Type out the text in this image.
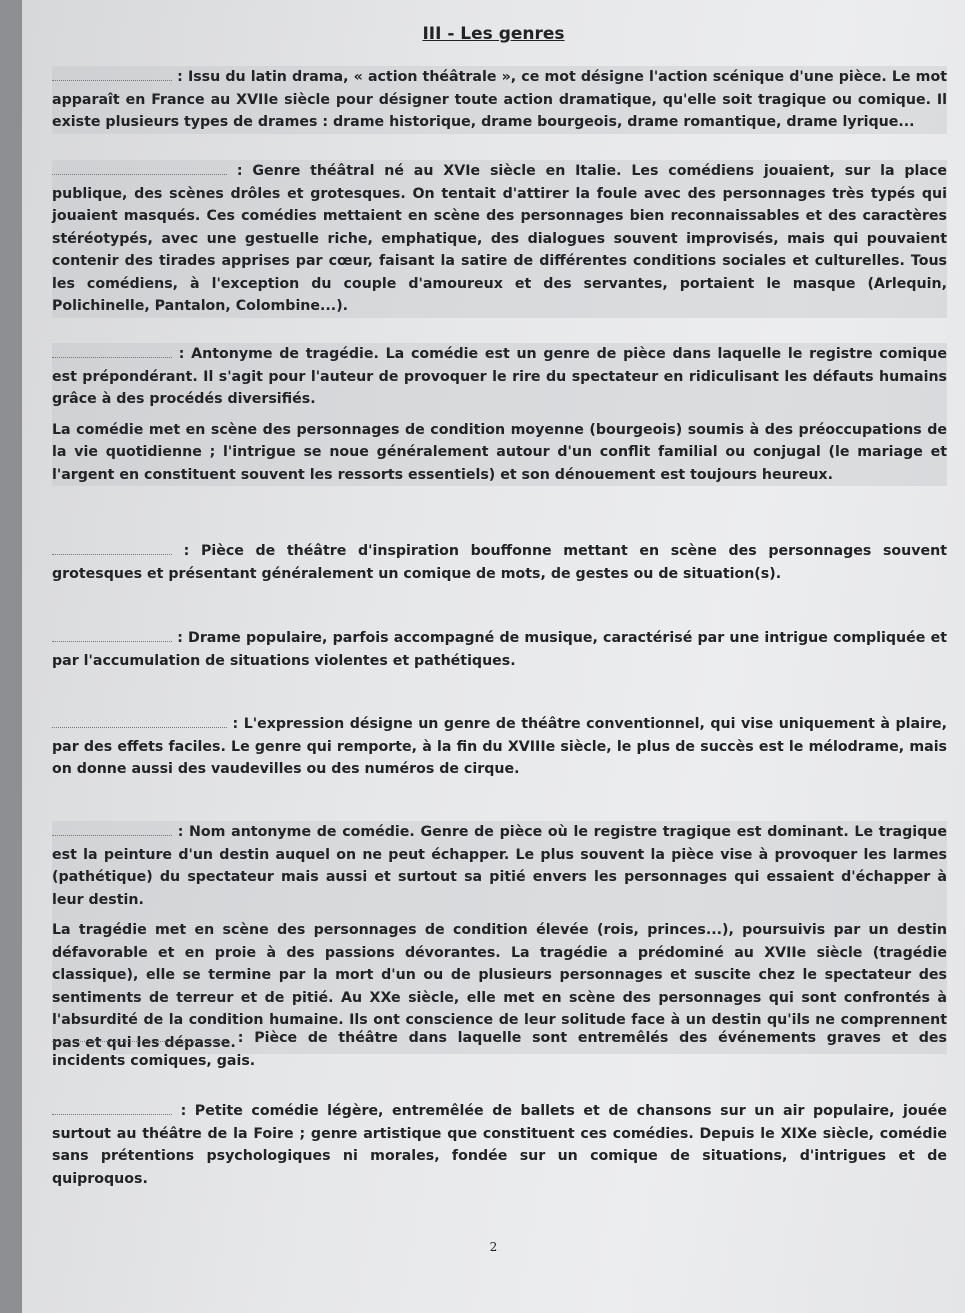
III - Les genres
: Issu du latin drama, « action théâtrale », ce mot désigne l'action scénique d'une pièce. Le mot apparaît en France au XVIIe siècle pour désigner toute action dramatique, qu'elle soit tragique ou comique. Il existe plusieurs types de drames : drame historique, drame bourgeois, drame romantique, drame lyrique...
: Genre théâtral né au XVIe siècle en Italie. Les comédiens jouaient, sur la place publique, des scènes drôles et grotesques. On tentait d'attirer la foule avec des personnages très typés qui jouaient masqués. Ces comédies mettaient en scène des personnages bien reconnaissables et des caractères stéréotypés, avec une gestuelle riche, emphatique, des dialogues souvent improvisés, mais qui pouvaient contenir des tirades apprises par cœur, faisant la satire de différentes conditions sociales et culturelles. Tous les comédiens, à l'exception du couple d'amoureux et des servantes, portaient le masque (Arlequin, Polichinelle, Pantalon, Colombine...).
: Antonyme de tragédie. La comédie est un genre de pièce dans laquelle le registre comique est prépondérant. Il s'agit pour l'auteur de provoquer le rire du spectateur en ridiculisant les défauts humains grâce à des procédés diversifiés.
La comédie met en scène des personnages de condition moyenne (bourgeois) soumis à des préoccupations de la vie quotidienne ; l'intrigue se noue généralement autour d'un conflit familial ou conjugal (le mariage et l'argent en constituent souvent les ressorts essentiels) et son dénouement est toujours heureux.
: Pièce de théâtre d'inspiration bouffonne mettant en scène des personnages souvent grotesques et présentant généralement un comique de mots, de gestes ou de situation(s).
: Drame populaire, parfois accompagné de musique, caractérisé par une intrigue compliquée et par l'accumulation de situations violentes et pathétiques.
: L'expression désigne un genre de théâtre conventionnel, qui vise uniquement à plaire, par des effets faciles. Le genre qui remporte, à la fin du XVIIIe siècle, le plus de succès est le mélodrame, mais on donne aussi des vaudevilles ou des numéros de cirque.
: Nom antonyme de comédie. Genre de pièce où le registre tragique est dominant. Le tragique est la peinture d'un destin auquel on ne peut échapper. Le plus souvent la pièce vise à provoquer les larmes (pathétique) du spectateur mais aussi et surtout sa pitié envers les personnages qui essaient d'échapper à leur destin.
La tragédie met en scène des personnages de condition élevée (rois, princes...), poursuivis par un destin défavorable et en proie à des passions dévorantes. La tragédie a prédominé au XVIIe siècle (tragédie classique), elle se termine par la mort d'un ou de plusieurs personnages et suscite chez le spectateur des sentiments de terreur et de pitié. Au XXe siècle, elle met en scène des personnages qui sont confrontés à l'absurdité de la condition humaine. Ils ont conscience de leur solitude face à un destin qu'ils ne comprennent pas et qui les dépasse. : Pièce de théâtre dans laquelle sont entremêlés des événements graves et des incidents comiques, gais.
: Petite comédie légère, entremêlée de ballets et de chansons sur un air populaire, jouée surtout au théâtre de la Foire ; genre artistique que constituent ces comédies. Depuis le XIXe siècle, comédie sans prétentions psychologiques ni morales, fondée sur un comique de situations, d'intrigues et de quiproquos.
2
